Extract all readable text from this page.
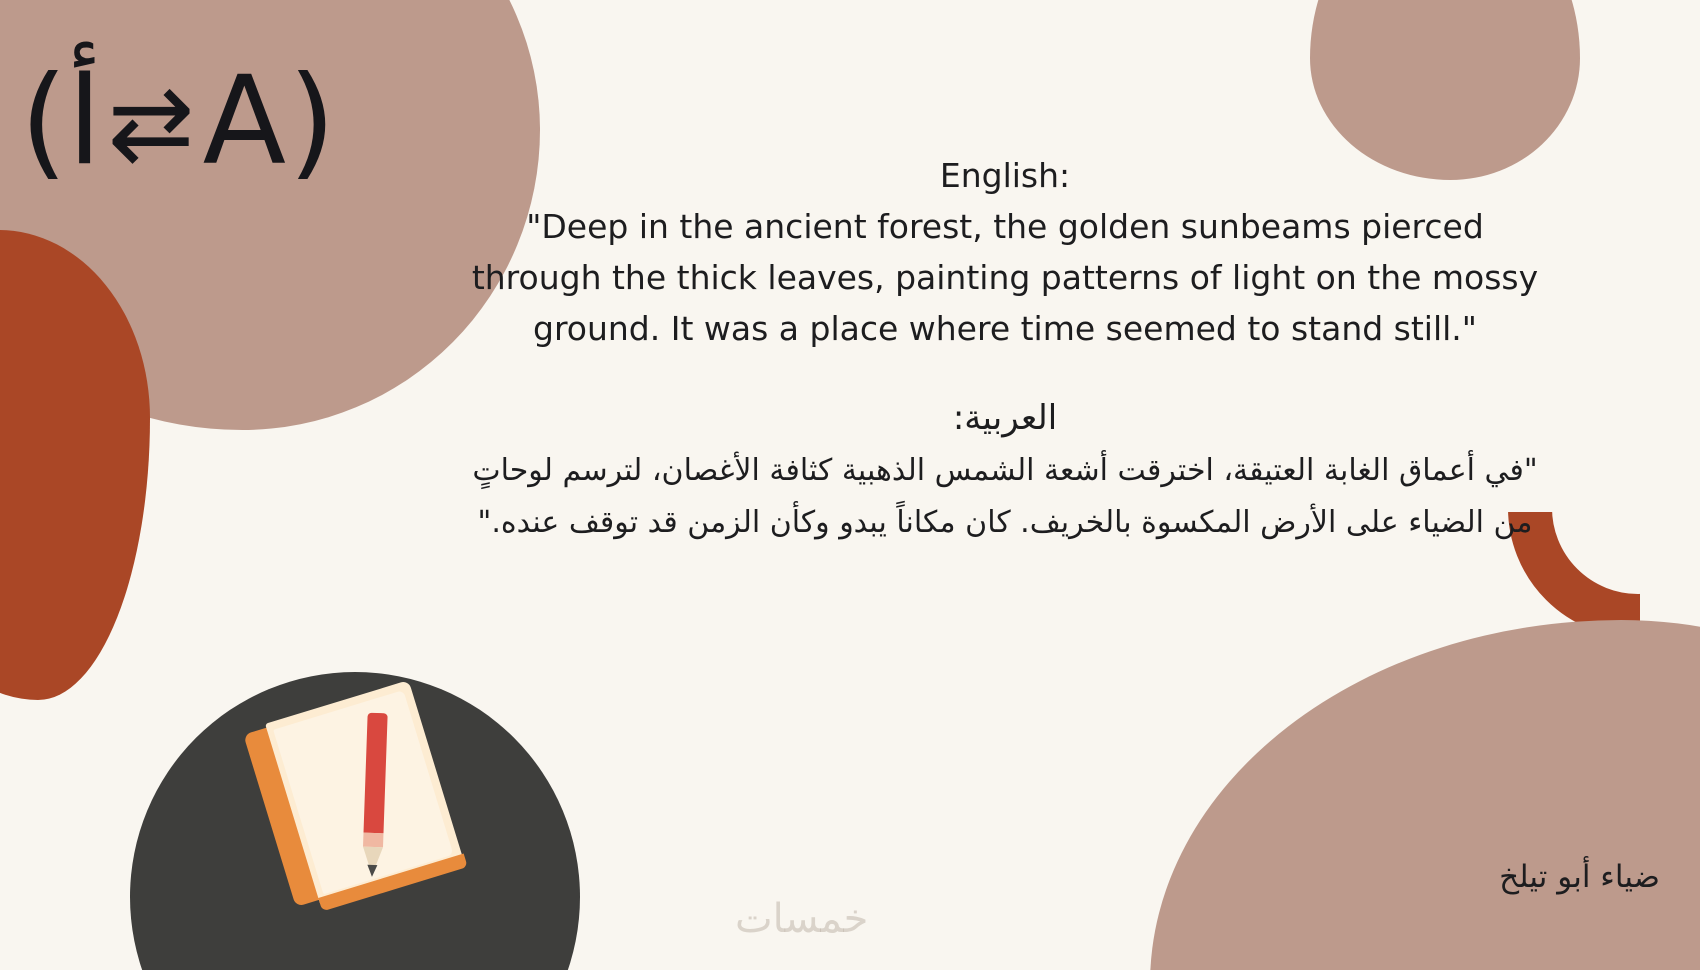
(أ⇄A)	English:

"Deep in the ancient forest, the golden sunbeams pierced through the thick leaves, painting patterns of light on the mossy ground. It was a place where time seemed to stand still."

العربية:

"في أعماق الغابة العتيقة، اخترقت أشعة الشمس الذهبية كثافة الأغصان، لترسم لوحاتٍ من الضياء على الأرض المكسوة بالخريف. كان مكاناً يبدو وكأن الزمن قد توقف عنده."

ضياء أبو تيلخ
خمسات
